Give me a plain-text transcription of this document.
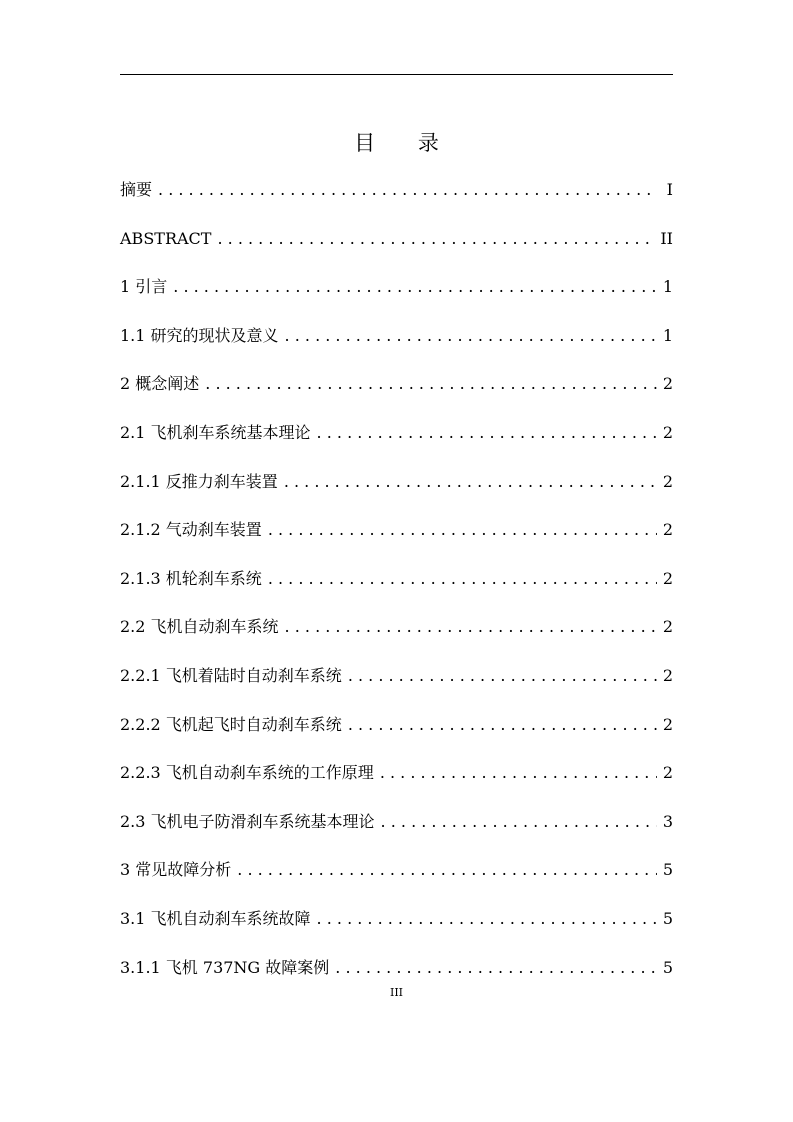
目 录
摘要 . . .	I
ABSTRACT . . .	II
1 引言 . . .	1
1.1 研究的现状及意义 . . .	1
2 概念阐述 . . .	2
2.1 飞机刹车系统基本理论 . . .	2
2.1.1 反推力刹车装置 . . .	2
2.1.2 气动刹车装置 . . .	2
2.1.3 机轮刹车系统 . . .	2
2.2 飞机自动刹车系统 . . .	2
2.2.1 飞机着陆时自动刹车系统 . . .	2
2.2.2 飞机起飞时自动刹车系统 . . .	2
2.2.3 飞机自动刹车系统的工作原理 . . .	2
2.3 飞机电子防滑刹车系统基本理论 . . .	3
3 常见故障分析 . . .	5
3.1 飞机自动刹车系统故障 . . .	5
3.1.1 飞机 737NG 故障案例 . . .	5
III
